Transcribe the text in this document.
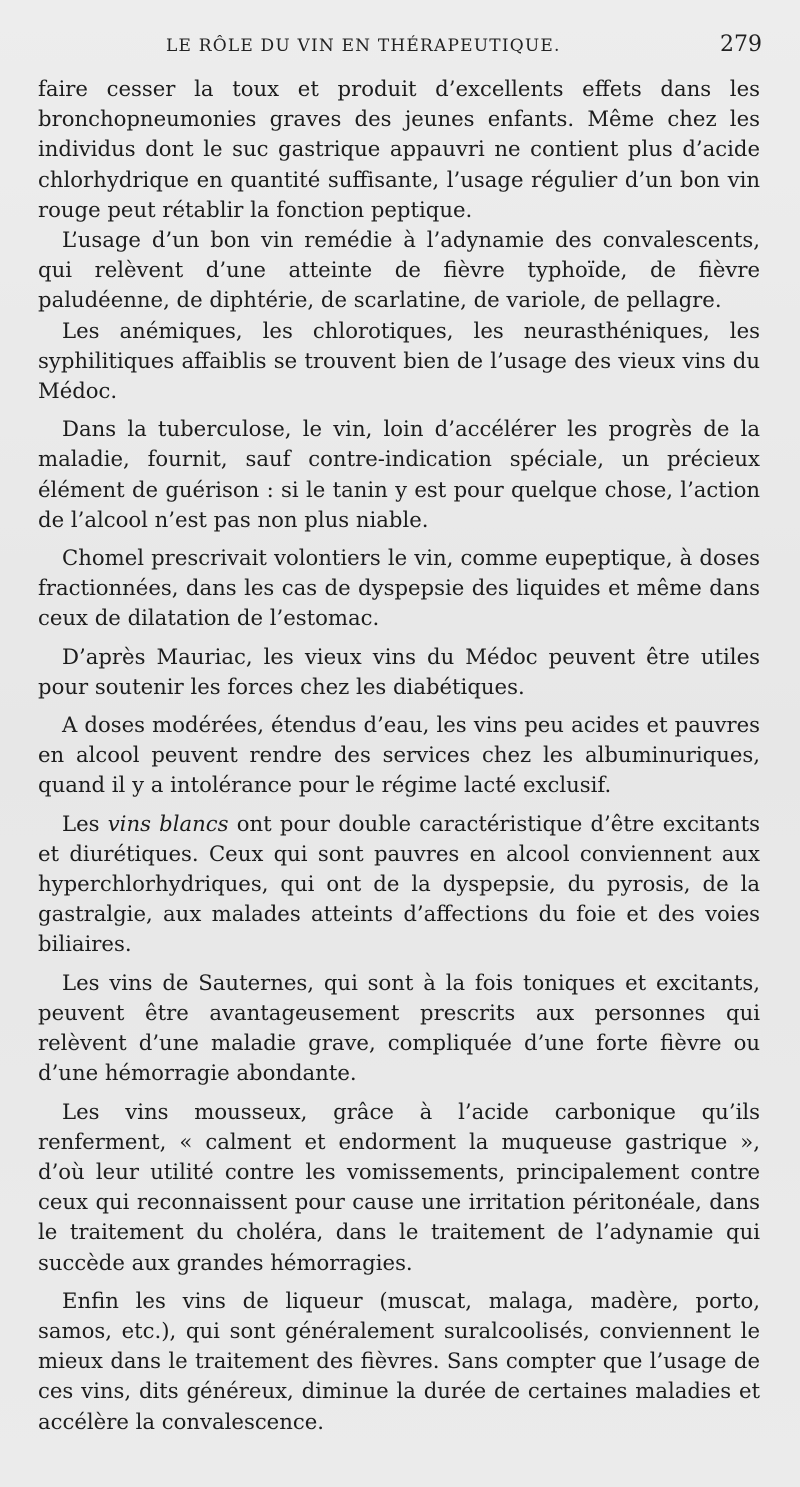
LE RÔLE DU VIN EN THÉRAPEUTIQUE.	279

faire cesser la toux et produit d’excellents effets dans les bronchopneumonies graves des jeunes enfants. Même chez les individus dont le suc gastrique appauvri ne contient plus d’acide chlorhydrique en quantité suffisante, l’usage régulier d’un bon vin rouge peut rétablir la fonction peptique.

L’usage d’un bon vin remédie à l’adynamie des convalescents, qui relèvent d’une atteinte de fièvre typhoïde, de fièvre paludéenne, de diphtérie, de scarlatine, de variole, de pellagre.

Les anémiques, les chlorotiques, les neurasthéniques, les syphilitiques affaiblis se trouvent bien de l’usage des vieux vins du Médoc.

Dans la tuberculose, le vin, loin d’accélérer les progrès de la maladie, fournit, sauf contre-indication spéciale, un précieux élément de guérison : si le tanin y est pour quelque chose, l’action de l’alcool n’est pas non plus niable.

Chomel prescrivait volontiers le vin, comme eupeptique, à doses fractionnées, dans les cas de dyspepsie des liquides et même dans ceux de dilatation de l’estomac.

D’après Mauriac, les vieux vins du Médoc peuvent être utiles pour soutenir les forces chez les diabétiques.

A doses modérées, étendus d’eau, les vins peu acides et pauvres en alcool peuvent rendre des services chez les albuminuriques, quand il y a intolérance pour le régime lacté exclusif.

Les vins blancs ont pour double caractéristique d’être excitants et diurétiques. Ceux qui sont pauvres en alcool conviennent aux hyperchlorhydriques, qui ont de la dyspepsie, du pyrosis, de la gastralgie, aux malades atteints d’affections du foie et des voies biliaires.

Les vins de Sauternes, qui sont à la fois toniques et excitants, peuvent être avantageusement prescrits aux personnes qui relèvent d’une maladie grave, compliquée d’une forte fièvre ou d’une hémorragie abondante.

Les vins mousseux, grâce à l’acide carbonique qu’ils renferment, « calment et endorment la muqueuse gastrique », d’où leur utilité contre les vomissements, principalement contre ceux qui reconnaissent pour cause une irritation péritonéale, dans le traitement du choléra, dans le traitement de l’adynamie qui succède aux grandes hémorragies.

Enfin les vins de liqueur (muscat, malaga, madère, porto, samos, etc.), qui sont généralement suralcoolisés, conviennent le mieux dans le traitement des fièvres. Sans compter que l’usage de ces vins, dits généreux, diminue la durée de certaines maladies et accélère la convalescence.
